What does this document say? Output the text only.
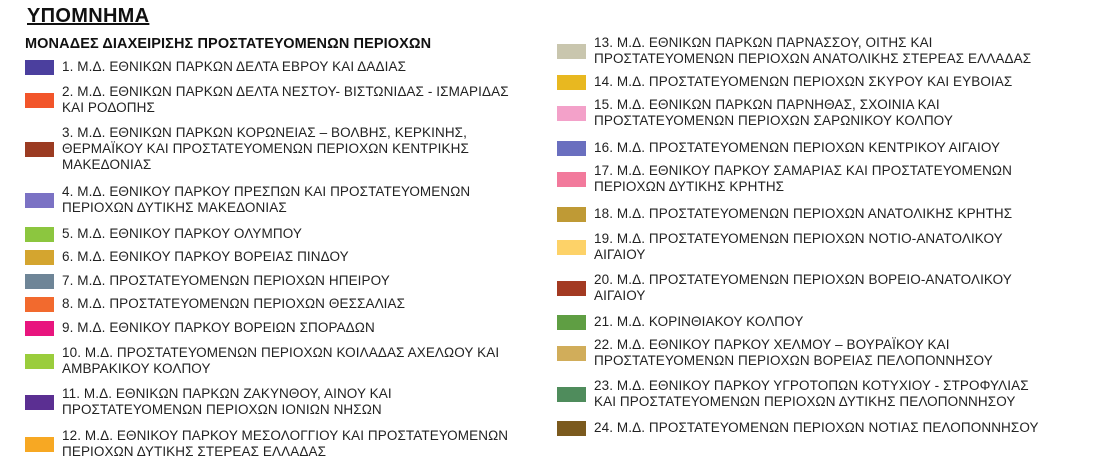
ΥΠΟΜΝΗΜΑ
ΜΟΝΑΔΕΣ ΔΙΑΧΕΙΡΙΣΗΣ ΠΡΟΣΤΑΤΕΥΟΜΕΝΩΝ ΠΕΡΙΟΧΩΝ
1. Μ.Δ. ΕΘΝΙΚΩΝ ΠΑΡΚΩΝ ΔΕΛΤΑ ΕΒΡΟΥ ΚΑΙ ΔΑΔΙΑΣ
2. Μ.Δ. ΕΘΝΙΚΩΝ ΠΑΡΚΩΝ ΔΕΛΤΑ ΝΕΣΤΟΥ- ΒΙΣΤΩΝΙΔΑΣ - ΙΣΜΑΡΙΔΑΣ
ΚΑΙ ΡΟΔΟΠΗΣ
3. Μ.Δ. ΕΘΝΙΚΩΝ ΠΑΡΚΩΝ ΚΟΡΩΝΕΙΑΣ – ΒΟΛΒΗΣ, ΚΕΡΚΙΝΗΣ,
ΘΕΡΜΑΪΚΟΥ ΚΑΙ ΠΡΟΣΤΑΤΕΥΟΜΕΝΩΝ ΠΕΡΙΟΧΩΝ ΚΕΝΤΡΙΚΗΣ
ΜΑΚΕΔΟΝΙΑΣ
4. Μ.Δ. ΕΘΝΙΚΟΥ ΠΑΡΚΟΥ ΠΡΕΣΠΩΝ ΚΑΙ ΠΡΟΣΤΑΤΕΥΟΜΕΝΩΝ
ΠΕΡΙΟΧΩΝ ΔΥΤΙΚΗΣ ΜΑΚΕΔΟΝΙΑΣ
5. Μ.Δ. ΕΘΝΙΚΟΥ ΠΑΡΚΟΥ ΟΛΥΜΠΟΥ
6. Μ.Δ. ΕΘΝΙΚΟΥ ΠΑΡΚΟΥ ΒΟΡΕΙΑΣ ΠΙΝΔΟΥ
7. Μ.Δ. ΠΡΟΣΤΑΤΕΥΟΜΕΝΩΝ ΠΕΡΙΟΧΩΝ ΗΠΕΙΡΟΥ
8. Μ.Δ. ΠΡΟΣΤΑΤΕΥΟΜΕΝΩΝ ΠΕΡΙΟΧΩΝ ΘΕΣΣΑΛΙΑΣ
9. Μ.Δ. ΕΘΝΙΚΟΥ ΠΑΡΚΟΥ ΒΟΡΕΙΩΝ ΣΠΟΡΑΔΩΝ
10. Μ.Δ. ΠΡΟΣΤΑΤΕΥΟΜΕΝΩΝ ΠΕΡΙΟΧΩΝ ΚΟΙΛΑΔΑΣ ΑΧΕΛΩΟΥ ΚΑΙ
ΑΜΒΡΑΚΙΚΟΥ ΚΟΛΠΟΥ
11. Μ.Δ. ΕΘΝΙΚΩΝ ΠΑΡΚΩΝ ΖΑΚΥΝΘΟΥ, ΑΙΝΟΥ ΚΑΙ
ΠΡΟΣΤΑΤΕΥΟΜΕΝΩΝ ΠΕΡΙΟΧΩΝ ΙΟΝΙΩΝ ΝΗΣΩΝ
12. Μ.Δ. ΕΘΝΙΚΟΥ ΠΑΡΚΟΥ ΜΕΣΟΛΟΓΓΙΟΥ ΚΑΙ ΠΡΟΣΤΑΤΕΥΟΜΕΝΩΝ
ΠΕΡΙΟΧΩΝ ΔΥΤΙΚΗΣ ΣΤΕΡΕΑΣ ΕΛΛΑΔΑΣ
13. Μ.Δ. ΕΘΝΙΚΩΝ ΠΑΡΚΩΝ ΠΑΡΝΑΣΣΟΥ, ΟΙΤΗΣ ΚΑΙ
ΠΡΟΣΤΑΤΕΥΟΜΕΝΩΝ ΠΕΡΙΟΧΩΝ ΑΝΑΤΟΛΙΚΗΣ ΣΤΕΡΕΑΣ ΕΛΛΑΔΑΣ
14. Μ.Δ. ΠΡΟΣΤΑΤΕΥΟΜΕΝΩΝ ΠΕΡΙΟΧΩΝ ΣΚΥΡΟΥ ΚΑΙ ΕΥΒΟΙΑΣ
15. Μ.Δ. ΕΘΝΙΚΩΝ ΠΑΡΚΩΝ ΠΑΡΝΗΘΑΣ, ΣΧΟΙΝΙΑ ΚΑΙ
ΠΡΟΣΤΑΤΕΥΟΜΕΝΩΝ ΠΕΡΙΟΧΩΝ ΣΑΡΩΝΙΚΟΥ ΚΟΛΠΟΥ
16. Μ.Δ. ΠΡΟΣΤΑΤΕΥΟΜΕΝΩΝ ΠΕΡΙΟΧΩΝ ΚΕΝΤΡΙΚΟΥ ΑΙΓΑΙΟΥ
17. Μ.Δ. ΕΘΝΙΚΟΥ ΠΑΡΚΟΥ ΣΑΜΑΡΙΑΣ ΚΑΙ ΠΡΟΣΤΑΤΕΥΟΜΕΝΩΝ
ΠΕΡΙΟΧΩΝ ΔΥΤΙΚΗΣ ΚΡΗΤΗΣ
18. Μ.Δ. ΠΡΟΣΤΑΤΕΥΟΜΕΝΩΝ ΠΕΡΙΟΧΩΝ ΑΝΑΤΟΛΙΚΗΣ ΚΡΗΤΗΣ
19. Μ.Δ. ΠΡΟΣΤΑΤΕΥΟΜΕΝΩΝ ΠΕΡΙΟΧΩΝ ΝΟΤΙΟ-ΑΝΑΤΟΛΙΚΟΥ
ΑΙΓΑΙΟΥ
20. Μ.Δ. ΠΡΟΣΤΑΤΕΥΟΜΕΝΩΝ ΠΕΡΙΟΧΩΝ ΒΟΡΕΙΟ-ΑΝΑΤΟΛΙΚΟΥ
ΑΙΓΑΙΟΥ
21. Μ.Δ. ΚΟΡΙΝΘΙΑΚΟΥ ΚΟΛΠΟΥ
22. Μ.Δ. ΕΘΝΙΚΟΥ ΠΑΡΚΟΥ ΧΕΛΜΟΥ – ΒΟΥΡΑΪΚΟΥ ΚΑΙ
ΠΡΟΣΤΑΤΕΥΟΜΕΝΩΝ ΠΕΡΙΟΧΩΝ ΒΟΡΕΙΑΣ ΠΕΛΟΠΟΝΝΗΣΟΥ
23. Μ.Δ. ΕΘΝΙΚΟΥ ΠΑΡΚΟΥ ΥΓΡΟΤΟΠΩΝ ΚΟΤΥΧΙΟΥ - ΣΤΡΟΦΥΛΙΑΣ
ΚΑΙ ΠΡΟΣΤΑΤΕΥΟΜΕΝΩΝ ΠΕΡΙΟΧΩΝ ΔΥΤΙΚΗΣ ΠΕΛΟΠΟΝΝΗΣΟΥ
24. Μ.Δ. ΠΡΟΣΤΑΤΕΥΟΜΕΝΩΝ ΠΕΡΙΟΧΩΝ ΝΟΤΙΑΣ ΠΕΛΟΠΟΝΝΗΣΟΥ
